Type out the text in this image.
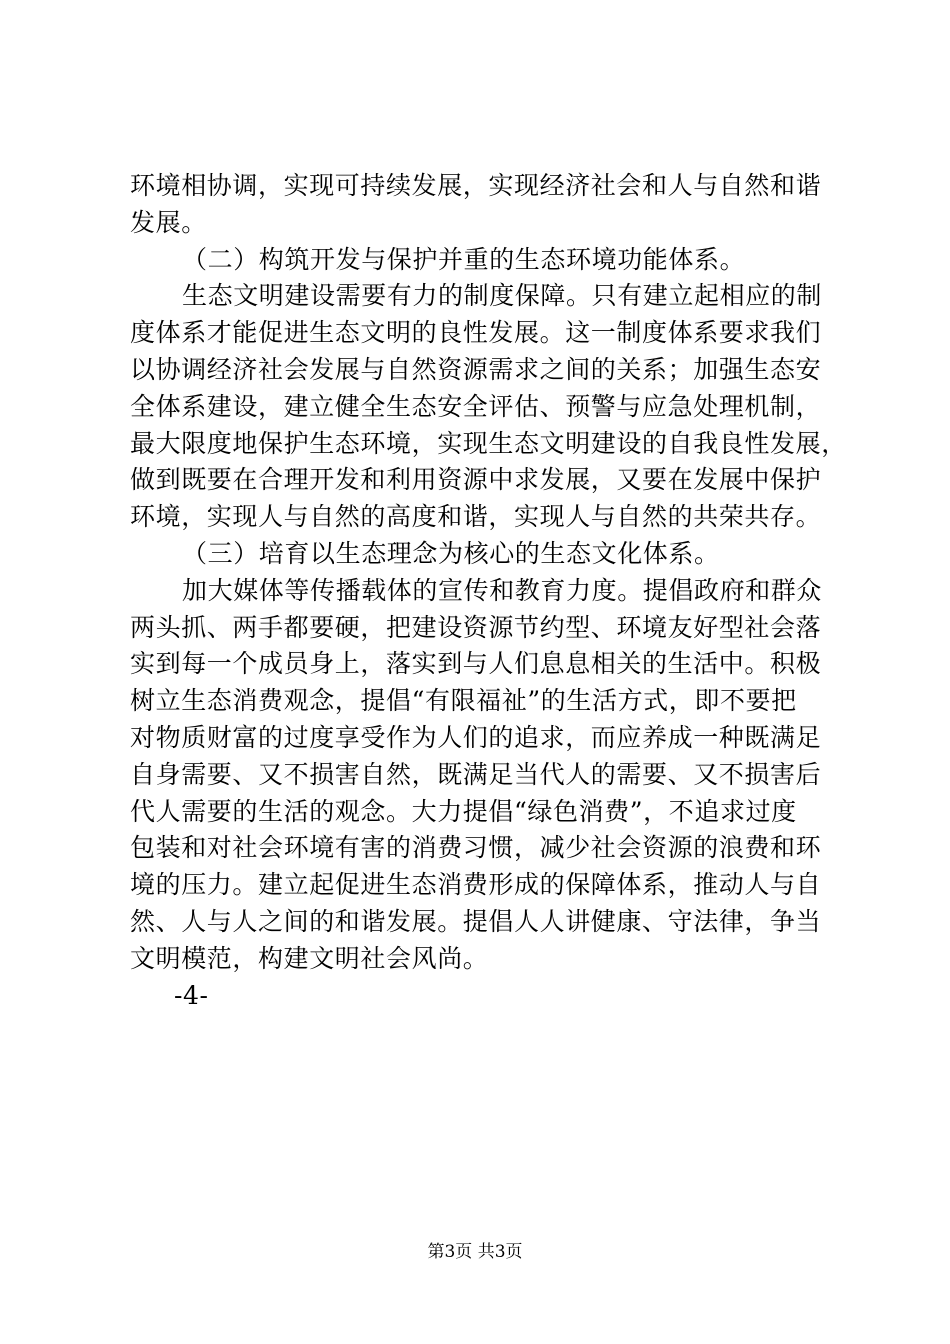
环境相协调，实现可持续发展，实现经济社会和人与自然和谐
发展。
（二）构筑开发与保护并重的生态环境功能体系。
生态文明建设需要有力的制度保障。只有建立起相应的制
度体系才能促进生态文明的良性发展。这一制度体系要求我们
以协调经济社会发展与自然资源需求之间的关系；加强生态安
全体系建设，建立健全生态安全评估、预警与应急处理机制，
最大限度地保护生态环境，实现生态文明建设的自我良性发展，
做到既要在合理开发和利用资源中求发展，又要在发展中保护
环境，实现人与自然的高度和谐，实现人与自然的共荣共存。
（三）培育以生态理念为核心的生态文化体系。
加大媒体等传播载体的宣传和教育力度。提倡政府和群众
两头抓、两手都要硬，把建设资源节约型、环境友好型社会落
实到每一个成员身上，落实到与人们息息相关的生活中。积极
树立生态消费观念，提倡“有限福祉”的生活方式，即不要把
对物质财富的过度享受作为人们的追求，而应养成一种既满足
自身需要、又不损害自然，既满足当代人的需要、又不损害后
代人需要的生活的观念。大力提倡“绿色消费”，不追求过度
包装和对社会环境有害的消费习惯，减少社会资源的浪费和环
境的压力。建立起促进生态消费形成的保障体系，推动人与自
然、人与人之间的和谐发展。提倡人人讲健康、守法律，争当
文明模范，构建文明社会风尚。
-4-
第3页 共3页
